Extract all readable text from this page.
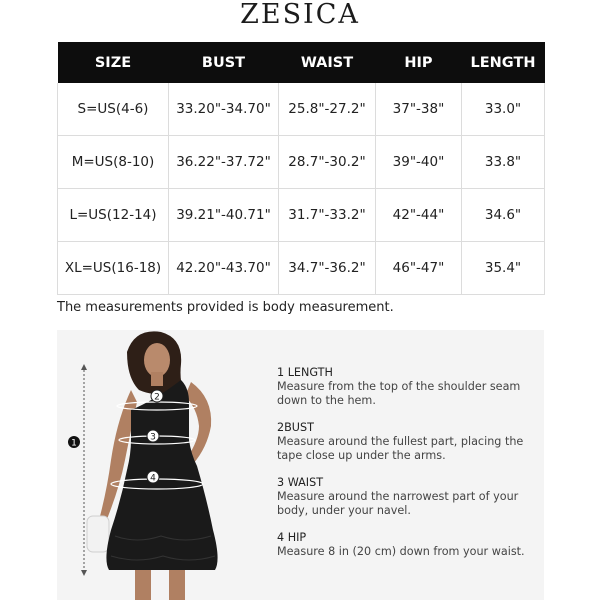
ZESICA
SIZE	BUST	WAIST	HIP	LENGTH
S=US(4-6)	33.20"-34.70"	25.8"-27.2"	37"-38"	33.0"
M=US(8-10)	36.22"-37.72"	28.7"-30.2"	39"-40"	33.8"
L=US(12-14)	39.21"-40.71"	31.7"-33.2"	42"-44"	34.6"
XL=US(16-18)	42.20"-43.70"	34.7"-36.2"	46"-47"	35.4"
The measurements provided is body measurement.
1
2
3
4
1 LENGTH
Measure from the top of the shoulder seam down to the hem.
2BUST
Measure around the fullest part, placing the tape close up under the arms.
3 WAIST
Measure around the narrowest part of your body, under your navel.
4 HIP
Measure 8 in (20 cm) down from your waist.
